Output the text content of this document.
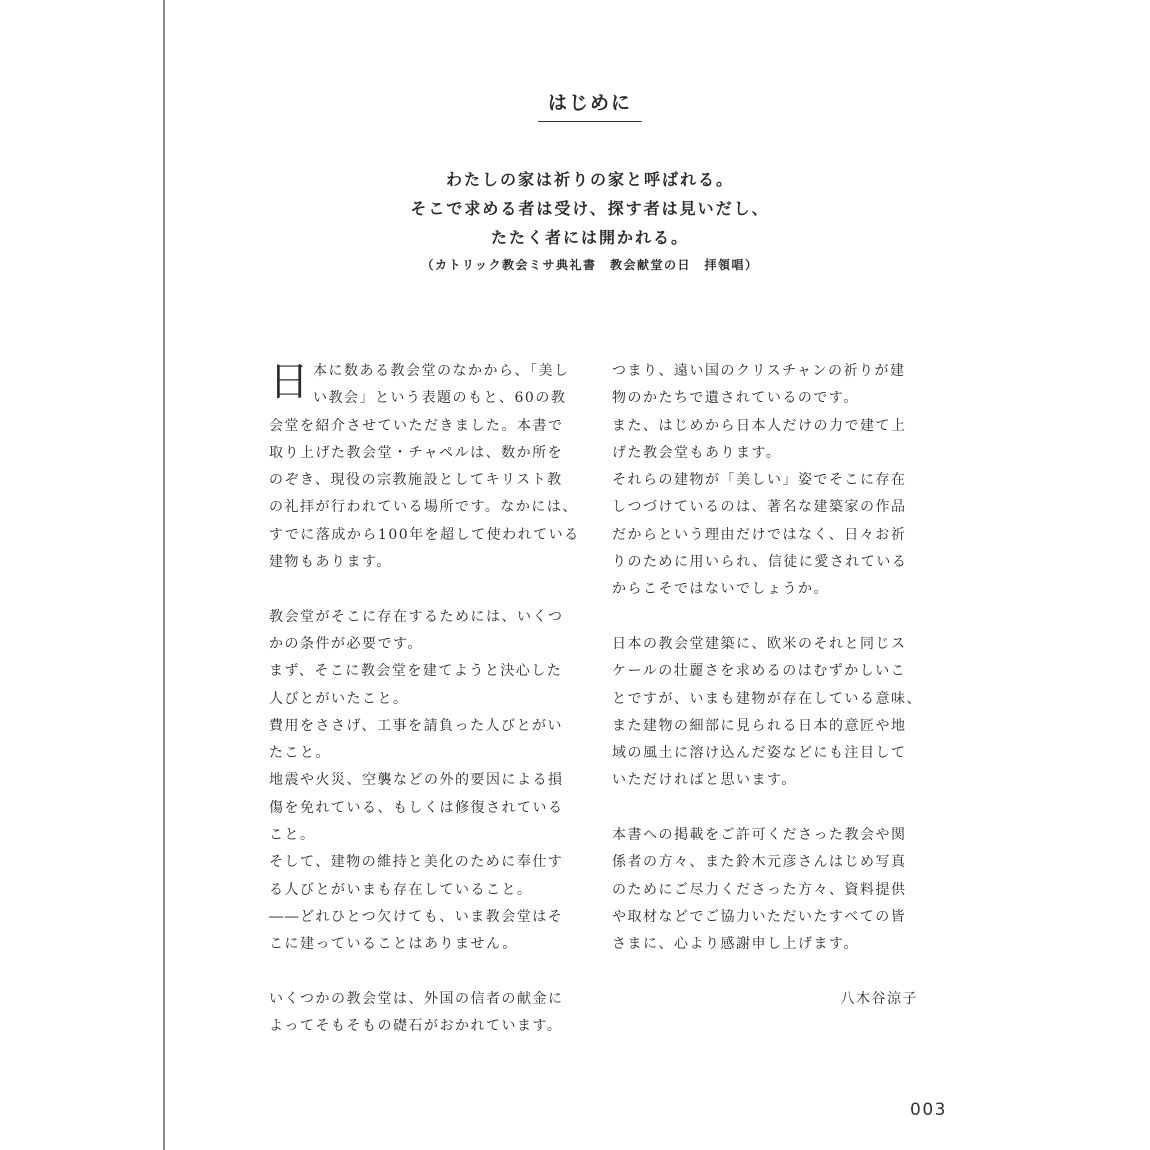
はじめに
わたしの家は祈りの家と呼ばれる。
そこで求める者は受け、探す者は見いだし、
たたく者には開かれる。
（カトリック教会ミサ典礼書　教会献堂の日　拝領唱）
日 本に数ある教会堂のなかから、「美し
い教会」という表題のもと、60の教
会堂を紹介させていただきました。本書で
取り上げた教会堂・チャペルは、数か所を
のぞき、現役の宗教施設としてキリスト教
の礼拝が行われている場所です。なかには、
すでに落成から100年を超して使われている
建物もあります。
教会堂がそこに存在するためには、いくつ
かの条件が必要です。
まず、そこに教会堂を建てようと決心した
人びとがいたこと。
費用をささげ、工事を請負った人びとがい
たこと。
地震や火災、空襲などの外的要因による損
傷を免れている、もしくは修復されている
こと。
そして、建物の維持と美化のために奉仕す
る人びとがいまも存在していること。
――どれひとつ欠けても、いま教会堂はそ
こに建っていることはありません。
いくつかの教会堂は、外国の信者の献金に
よってそもそもの礎石がおかれています。
つまり、遠い国のクリスチャンの祈りが建
物のかたちで遺されているのです。
また、はじめから日本人だけの力で建て上
げた教会堂もあります。
それらの建物が「美しい」姿でそこに存在
しつづけているのは、著名な建築家の作品
だからという理由だけではなく、日々お祈
りのために用いられ、信徒に愛されている
からこそではないでしょうか。
日本の教会堂建築に、欧米のそれと同じス
ケールの壮麗さを求めるのはむずかしいこ
とですが、いまも建物が存在している意味、
また建物の細部に見られる日本的意匠や地
域の風土に溶け込んだ姿などにも注目して
いただければと思います。
本書への掲載をご許可くださった教会や関
係者の方々、また鈴木元彦さんはじめ写真
のためにご尽力くださった方々、資料提供
や取材などでご協力いただいたすべての皆
さまに、心より感謝申し上げます。
八木谷涼子
003
